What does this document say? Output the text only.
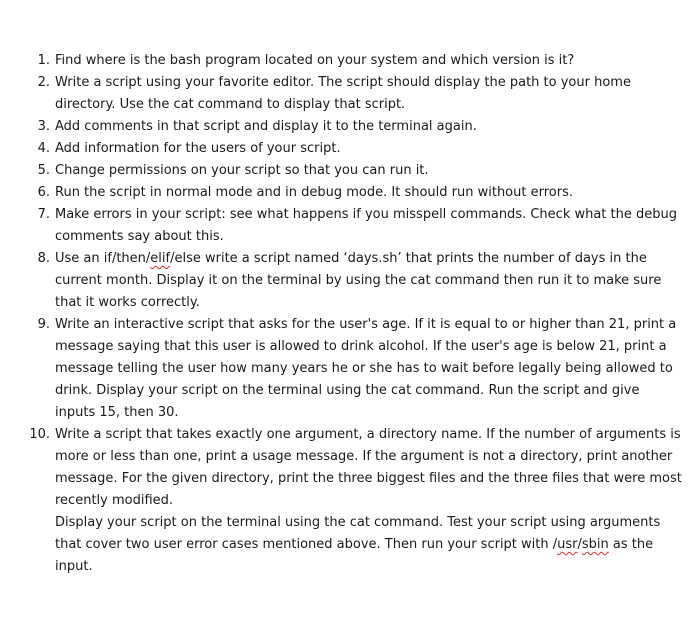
1. Find where is the bash program located on your system and which version is it?
2. Write a script using your favorite editor. The script should display the path to your home directory. Use the cat command to display that script.
3. Add comments in that script and display it to the terminal again.
4. Add information for the users of your script.
5. Change permissions on your script so that you can run it.
6. Run the script in normal mode and in debug mode. It should run without errors.
7. Make errors in your script: see what happens if you misspell commands. Check what the debug comments say about this.
8. Use an if/then/elif/else write a script named ‘days.sh’ that prints the number of days in the current month. Display it on the terminal by using the cat command then run it to make sure that it works correctly.
9. Write an interactive script that asks for the user's age. If it is equal to or higher than 21, print a message saying that this user is allowed to drink alcohol. If the user's age is below 21, print a message telling the user how many years he or she has to wait before legally being allowed to drink. Display your script on the terminal using the cat command. Run the script and give inputs 15, then 30.
10. Write a script that takes exactly one argument, a directory name. If the number of arguments is more or less than one, print a usage message. If the argument is not a directory, print another message. For the given directory, print the three biggest files and the three files that were most recently modified.
Display your script on the terminal using the cat command. Test your script using arguments that cover two user error cases mentioned above. Then run your script with /usr/sbin as the input.
